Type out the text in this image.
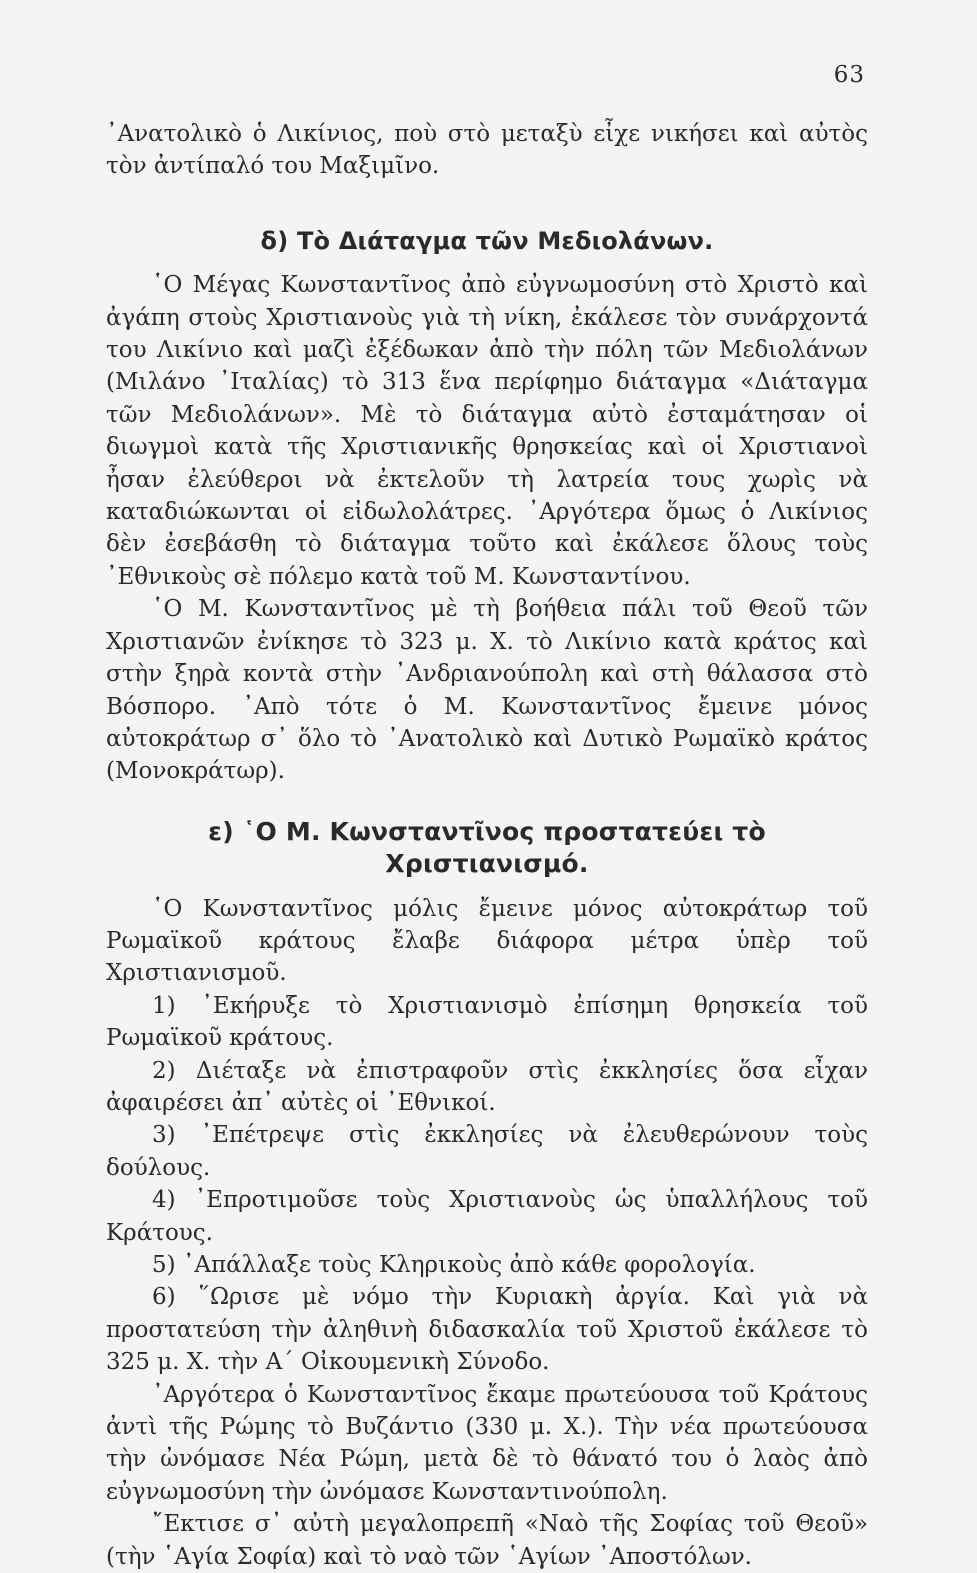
63

᾿Ανατολικὸ ὁ Λικίνιος, ποὺ στὸ μεταξὺ εἶχε νικήσει καὶ αὐτὸς τὸν ἀντίπαλό του Μαξιμῖνο.

δ) Τὸ Διάταγμα τῶν Μεδιολάνων.

῾Ο Μέγας Κωνσταντῖνος ἀπὸ εὐγνωμοσύνη στὸ Χριστὸ καὶ ἀγάπη στοὺς Χριστιανοὺς γιὰ τὴ νίκη, ἐκάλεσε τὸν συνάρχοντά του Λικίνιο καὶ μαζὶ ἐξέδωκαν ἀπὸ τὴν πόλη τῶν Μεδιολάνων (Μιλάνο ᾿Ιταλίας) τὸ 313 ἕνα περίφημο διάταγμα «Διάταγμα τῶν Μεδιολάνων». Μὲ τὸ διάταγμα αὐτὸ ἐσταμάτησαν οἱ διωγμοὶ κατὰ τῆς Χριστιανικῆς θρησκείας καὶ οἱ Χριστιανοὶ ἦσαν ἐλεύθεροι νὰ ἐκτελοῦν τὴ λατρεία τους χωρὶς νὰ καταδιώκωνται οἱ εἰδωλολάτρες. ᾿Αργότερα ὅμως ὁ Λικίνιος δὲν ἐσεβάσθη τὸ διάταγμα τοῦτο καὶ ἐκάλεσε ὅλους τοὺς ᾿Εθνικοὺς σὲ πόλεμο κατὰ τοῦ Μ. Κωνσταντίνου.

῾Ο Μ. Κωνσταντῖνος μὲ τὴ βοήθεια πάλι τοῦ Θεοῦ τῶν Χριστιανῶν ἐνίκησε τὸ 323 μ. Χ. τὸ Λικίνιο κατὰ κράτος καὶ στὴν ξηρὰ κοντὰ στὴν ᾿Ανδριανούπολη καὶ στὴ θάλασσα στὸ Βόσπορο. ᾿Απὸ τότε ὁ Μ. Κωνσταντῖνος ἔμεινε μόνος αὐτοκράτωρ σ᾿ ὅλο τὸ ᾿Ανατολικὸ καὶ Δυτικὸ Ρωμαϊκὸ κράτος (Μονοκράτωρ).

ε) ῾Ο Μ. Κωνσταντῖνος προστατεύει τὸ Χριστιανισμό.

῾Ο Κωνσταντῖνος μόλις ἔμεινε μόνος αὐτοκράτωρ τοῦ Ρωμαϊκοῦ κράτους ἔλαβε διάφορα μέτρα ὑπὲρ τοῦ Χριστιανισμοῦ.

1) ᾿Εκήρυξε τὸ Χριστιανισμὸ ἐπίσημη θρησκεία τοῦ Ρωμαϊκοῦ κράτους.

2) Διέταξε νὰ ἐπιστραφοῦν στὶς ἐκκλησίες ὅσα εἶχαν ἀφαιρέσει ἀπ᾿ αὐτὲς οἱ ᾿Εθνικοί.

3) ᾿Επέτρεψε στὶς ἐκκλησίες νὰ ἐλευθερώνουν τοὺς δούλους.

4) ᾿Επροτιμοῦσε τοὺς Χριστιανοὺς ὡς ὑπαλλήλους τοῦ Κράτους.

5) ᾿Απάλλαξε τοὺς Κληρικοὺς ἀπὸ κάθε φορολογία.

6) ῞Ωρισε μὲ νόμο τὴν Κυριακὴ ἀργία. Καὶ γιὰ νὰ προστατεύση τὴν ἀληθινὴ διδασκαλία τοῦ Χριστοῦ ἐκάλεσε τὸ 325 μ. Χ. τὴν Α΄ Οἰκουμενικὴ Σύνοδο.

᾿Αργότερα ὁ Κωνσταντῖνος ἔκαμε πρωτεύουσα τοῦ Κράτους ἀντὶ τῆς Ρώμης τὸ Βυζάντιο (330 μ. Χ.). Τὴν νέα πρωτεύουσα τὴν ὠνόμασε Νέα Ρώμη, μετὰ δὲ τὸ θάνατό του ὁ λαὸς ἀπὸ εὐγνωμοσύνη τὴν ὠνόμασε Κωνσταντινούπολη.

῎Εκτισε σ᾿ αὐτὴ μεγαλοπρεπῆ «Ναὸ τῆς Σοφίας τοῦ Θεοῦ» (τὴν ῾Αγία Σοφία) καὶ τὸ ναὸ τῶν ῾Αγίων ᾿Αποστόλων.
